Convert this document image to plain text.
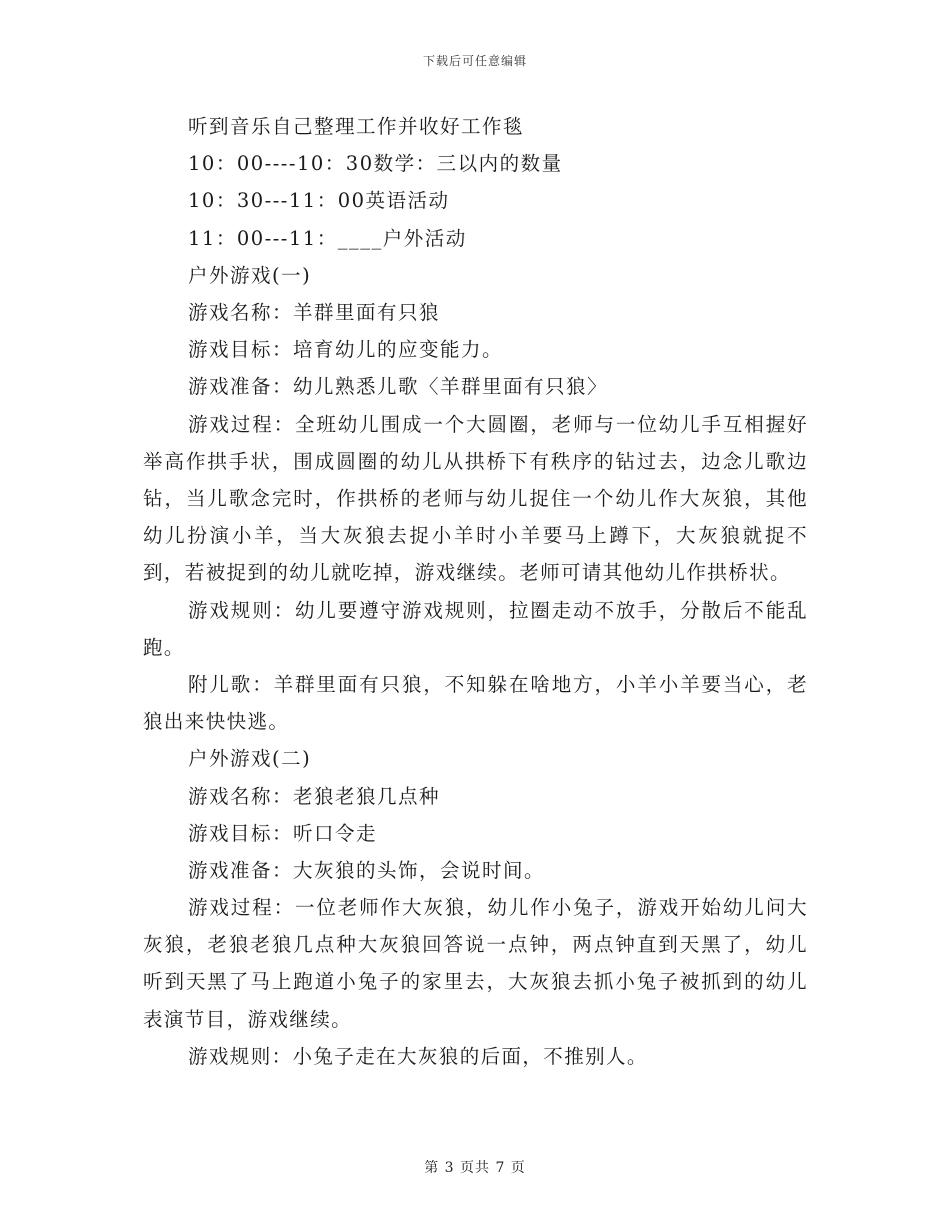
下载后可任意编辑
听到音乐自己整理工作并收好工作毯
10：00----10：30数学：三以内的数量
10：30---11：00英语活动
11：00---11：____户外活动
户外游戏(一)
游戏名称：羊群里面有只狼
游戏目标：培育幼儿的应变能力。
游戏准备：幼儿熟悉儿歌〈羊群里面有只狼〉

游戏过程：全班幼儿围成一个大圆圈，老师与一位幼儿手互相握好举高作拱手状，围成圆圈的幼儿从拱桥下有秩序的钻过去，边念儿歌边钻，当儿歌念完时，作拱桥的老师与幼儿捉住一个幼儿作大灰狼，其他幼儿扮演小羊，当大灰狼去捉小羊时小羊要马上蹲下，大灰狼就捉不到，若被捉到的幼儿就吃掉，游戏继续。老师可请其他幼儿作拱桥状。

游戏规则：幼儿要遵守游戏规则，拉圈走动不放手，分散后不能乱跑。

附儿歌：羊群里面有只狼，不知躲在啥地方，小羊小羊要当心，老狼出来快快逃。

户外游戏(二)
游戏名称：老狼老狼几点种
游戏目标：听口令走
游戏准备：大灰狼的头饰，会说时间。

游戏过程：一位老师作大灰狼，幼儿作小兔子，游戏开始幼儿问大灰狼，老狼老狼几点种大灰狼回答说一点钟，两点钟直到天黑了，幼儿听到天黑了马上跑道小兔子的家里去，大灰狼去抓小兔子被抓到的幼儿表演节目，游戏继续。

游戏规则：小兔子走在大灰狼的后面，不推别人。

第 3 页共 7 页
